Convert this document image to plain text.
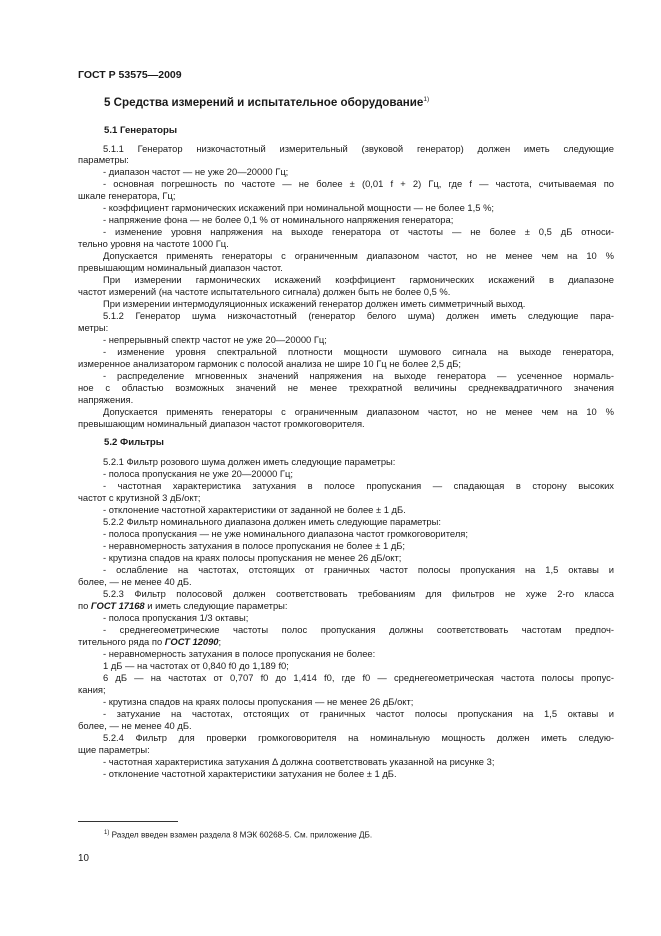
ГОСТ Р 53575—2009
5 Средства измерений и испытательное оборудование$^{1)}$
5.1 Генераторы
5.1.1 Генератор низкочастотный измерительный (звуковой генератор) должен иметь следующие
параметры:
- диапазон частот — не уже 20—20000 Гц;
- основная погрешность по частоте — не более ± (0,01 f + 2) Гц, где f — частота, считываемая по
шкале генератора, Гц;
- коэффициент гармонических искажений при номинальной мощности — не более 1,5 %;
- напряжение фона — не более 0,1 % от номинального напряжения генератора;
- изменение уровня напряжения на выходе генератора от частоты — не более ± 0,5 дБ относи-
тельно уровня на частоте 1000 Гц.
Допускается применять генераторы с ограниченным диапазоном частот, но не менее чем на 10 %
превышающим номинальный диапазон частот.
При измерении гармонических искажений коэффициент гармонических искажений в диапазоне
частот измерений (на частоте испытательного сигнала) должен быть не более 0,5 %.
При измерении интермодуляционных искажений генератор должен иметь симметричный выход.
5.1.2 Генератор шума низкочастотный (генератор белого шума) должен иметь следующие пара-
метры:
- непрерывный спектр частот не уже 20—20000 Гц;
- изменение уровня спектральной плотности мощности шумового сигнала на выходе генератора,
измеренное анализатором гармоник с полосой анализа не шире 10 Гц не более 2,5 дБ;
- распределение мгновенных значений напряжения на выходе генератора — усеченное нормаль-
ное с областью возможных значений не менее трехкратной величины среднеквадратичного значения
напряжения.
Допускается применять генераторы с ограниченным диапазоном частот, но не менее чем на 10 %
превышающим номинальный диапазон частот громкоговорителя.
5.2 Фильтры
5.2.1 Фильтр розового шума должен иметь следующие параметры:
- полоса пропускания не уже 20—20000 Гц;
- частотная характеристика затухания в полосе пропускания — спадающая в сторону высоких
частот с крутизной 3 дБ/окт;
- отклонение частотной характеристики от заданной не более ± 1 дБ.
5.2.2 Фильтр номинального диапазона должен иметь следующие параметры:
- полоса пропускания — не уже номинального диапазона частот громкоговорителя;
- неравномерность затухания в полосе пропускания не более ± 1 дБ;
- крутизна спадов на краях полосы пропускания не менее 26 дБ/окт;
- ослабление на частотах, отстоящих от граничных частот полосы пропускания на 1,5 октавы и
более, — не менее 40 дБ.
5.2.3 Фильтр полосовой должен соответствовать требованиям для фильтров не хуже 2-го класса
по ГОСТ 17168 и иметь следующие параметры:
- полоса пропускания 1/3 октавы;
- среднегеометрические частоты полос пропускания должны соответствовать частотам предпоч-
тительного ряда по ГОСТ 12090;
- неравномерность затухания в полосе пропускания не более:
1 дБ — на частотах от 0,840 f0 до 1,189 f0;
6 дБ — на частотах от 0,707 f0 до 1,414 f0, где f0 — среднегеометрическая частота полосы пропус-
кания;
- крутизна спадов на краях полосы пропускания — не менее 26 дБ/окт;
- затухание на частотах, отстоящих от граничных частот полосы пропускания на 1,5 октавы и
более, — не менее 40 дБ.
5.2.4 Фильтр для проверки громкоговорителя на номинальную мощность должен иметь следую-
щие параметры:
- частотная характеристика затухания Δ должна соответствовать указанной на рисунке 3;
- отклонение частотной характеристики затухания не более ± 1 дБ.
$^{1)}$ Раздел введен взамен раздела 8 МЭК 60268-5. См. приложение ДБ.
10
